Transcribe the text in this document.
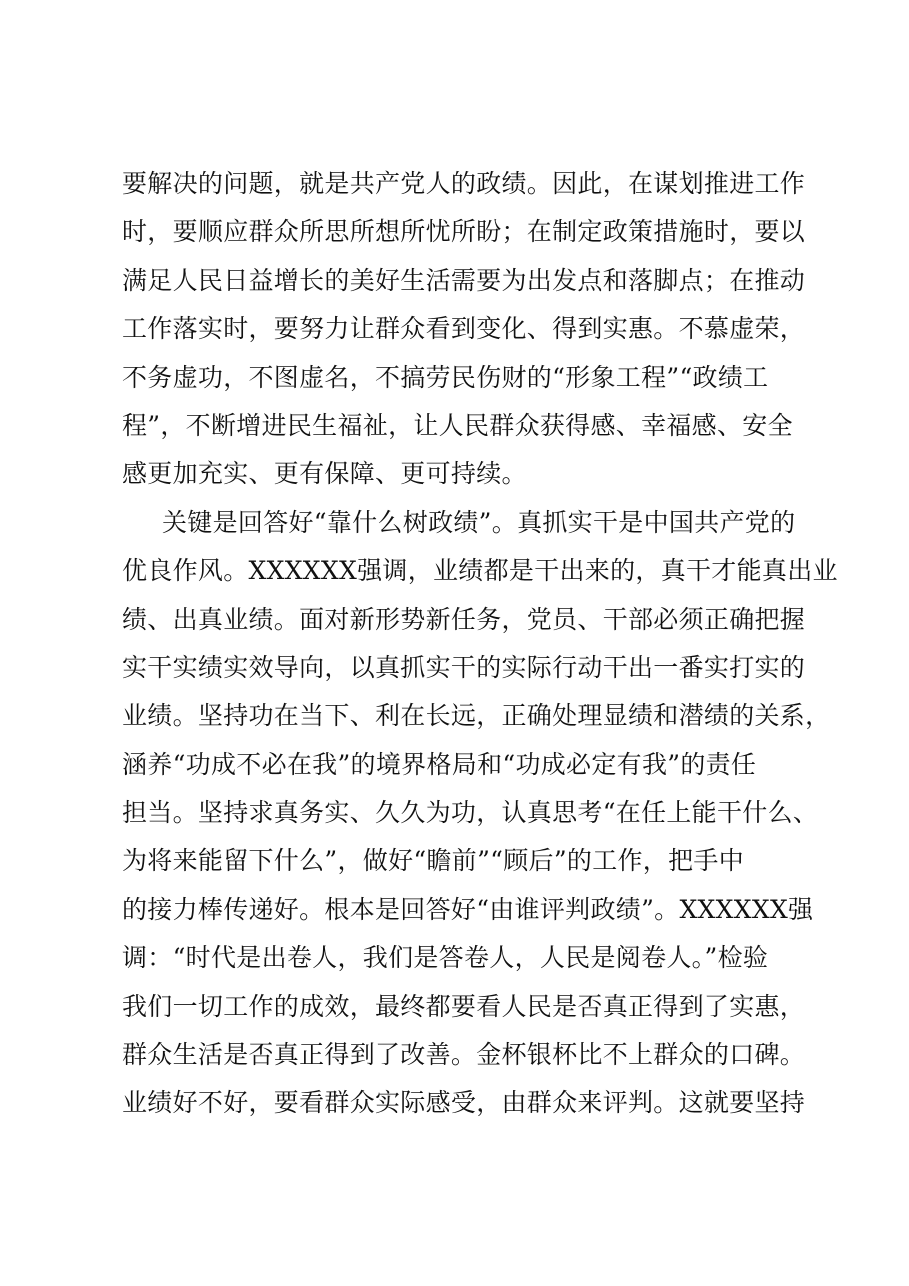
要解决的问题，就是共产党人的政绩。因此，在谋划推进工作
时，要顺应群众所思所想所忧所盼；在制定政策措施时，要以
满足人民日益增长的美好生活需要为出发点和落脚点；在推动
工作落实时，要努力让群众看到变化、得到实惠。不慕虚荣，
不务虚功，不图虚名，不搞劳民伤财的“形象工程”“政绩工
程”，不断增进民生福祉，让人民群众获得感、幸福感、安全
感更加充实、更有保障、更可持续。
关键是回答好“靠什么树政绩”。真抓实干是中国共产党的
优良作风。XXXXXX强调，业绩都是干出来的，真干才能真出业
绩、出真业绩。面对新形势新任务，党员、干部必须正确把握
实干实绩实效导向，以真抓实干的实际行动干出一番实打实的
业绩。坚持功在当下、利在长远，正确处理显绩和潜绩的关系，
涵养“功成不必在我”的境界格局和“功成必定有我”的责任
担当。坚持求真务实、久久为功，认真思考“在任上能干什么、
为将来能留下什么”，做好“瞻前”“顾后”的工作，把手中
的接力棒传递好。根本是回答好“由谁评判政绩”。XXXXXX强
调：“时代是出卷人，我们是答卷人，人民是阅卷人。”检验
我们一切工作的成效，最终都要看人民是否真正得到了实惠，
群众生活是否真正得到了改善。金杯银杯比不上群众的口碑。
业绩好不好，要看群众实际感受，由群众来评判。这就要坚持
